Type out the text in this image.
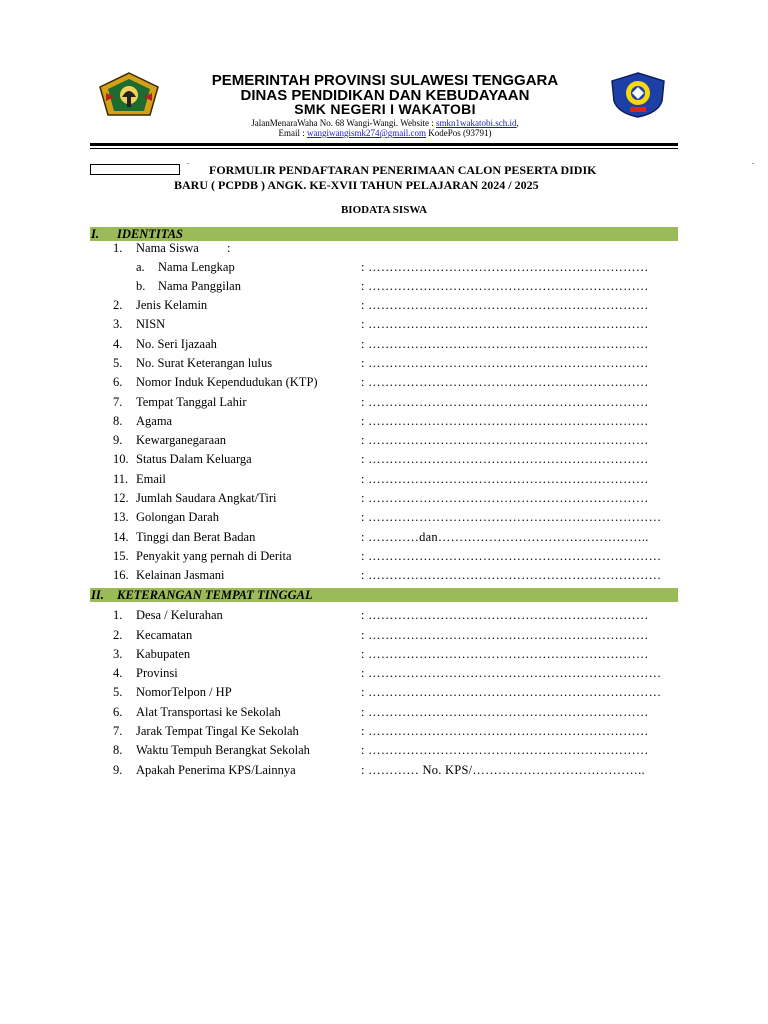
PEMERINTAH PROVINSI SULAWESI TENGGARA
DINAS PENDIDIKAN DAN KEBUDAYAAN
SMK NEGERI I WAKATOBI
JalanMenaraWaha No. 68 Wangi-Wangi. Website : smkn1wakatobi.sch.id,
Email : wangiwangismk274@gmail.com KodePos (93791)
.	.
FORMULIR PENDAFTARAN PENERIMAAN CALON PESERTA DIDIK
BARU ( PCPDB ) ANGK. KE-XVII TAHUN PELAJARAN 2024 / 2025
BIODATA SISWA
I. IDENTITAS
1. Nama Siswa :
a. Nama Lengkap	: …………………………………………………………
b. Nama Panggilan	: …………………………………………………………
2. Jenis Kelamin	: …………………………………………………………
3. NISN	: …………………………………………………………
4. No. Seri Ijazaah	: …………………………………………………………
5. No. Surat Keterangan lulus	: …………………………………………………………
6. Nomor Induk Kependudukan (KTP)	: …………………………………………………………
7. Tempat Tanggal Lahir	: …………………………………………………………
8. Agama	: …………………………………………………………
9. Kewarganegaraan	: …………………………………………………………
10. Status Dalam Keluarga	: …………………………………………………………
11. Email	: …………………………………………………………
12. Jumlah Saudara Angkat/Tiri	: …………………………………………………………
13. Golongan Darah	: ……………………………………………………………
14. Tinggi dan Berat Badan	: …………dan…………………………………………..
15. Penyakit yang pernah di Derita	: ……………………………………………………………
16. Kelainan Jasmani	: ……………………………………………………………
II. KETERANGAN TEMPAT TINGGAL
1. Desa / Kelurahan	: …………………………………………………………
2. Kecamatan	: …………………………………………………………
3. Kabupaten	: …………………………………………………………
4. Provinsi	: ……………………………………………………………
5. NomorTelpon / HP	: ……………………………………………………………
6. Alat Transportasi ke Sekolah	: …………………………………………………………
7. Jarak Tempat Tingal Ke Sekolah	: …………………………………………………………
8. Waktu Tempuh Berangkat Sekolah	: …………………………………………………………
9. Apakah Penerima KPS/Lainnya	: ………… No. KPS/…………………………………..
